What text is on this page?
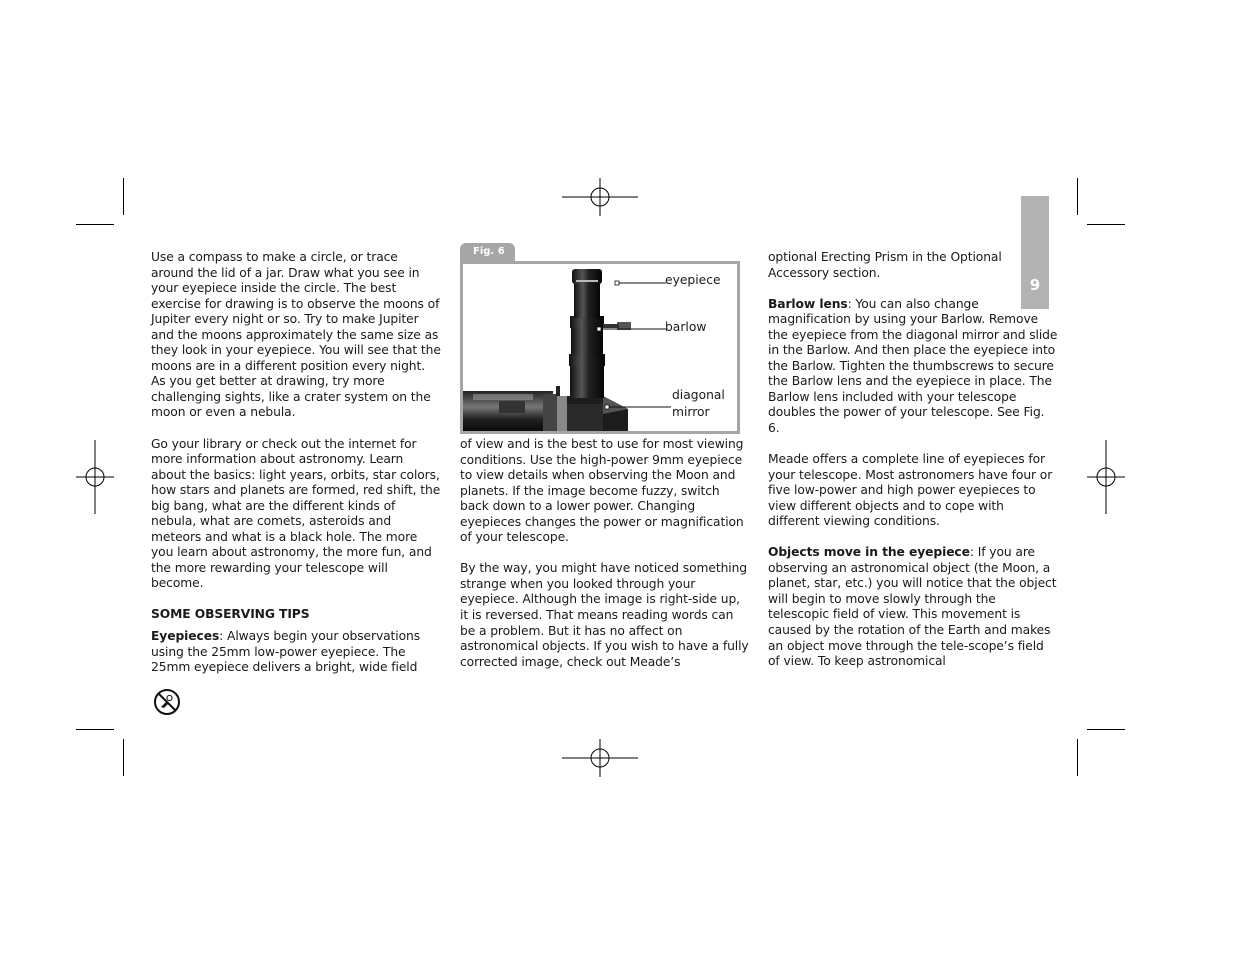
9

Use a compass to make a circle, or trace around the lid of a jar. Draw what you see in your eyepiece inside the circle. The best exercise for drawing is to observe the moons of Jupiter every night or so. Try to make Jupiter and the moons approximately the same size as they look in your eyepiece. You will see that the moons are in a different position every night. As you get better at drawing, try more challenging sights, like a crater system on the moon or even a nebula.

Go your library or check out the internet for more information about astronomy. Learn about the basics: light years, orbits, star colors, how stars and planets are formed, red shift, the big bang, what are the different kinds of nebula, what are comets, asteroids and meteors and what is a black hole. The more you learn about astronomy, the more fun, and the more rewarding your telescope will become.

SOME OBSERVING TIPS

Eyepieces: Always begin your observations using the 25mm low-power eyepiece. The 25mm eyepiece delivers a bright, wide field

Fig. 6
eyepiece
barlow
diagonal
mirror

of view and is the best to use for most viewing conditions. Use the high-power 9mm eyepiece to view details when observing the Moon and planets. If the image become fuzzy, switch back down to a lower power. Changing eyepieces changes the power or magnification of your telescope.

By the way, you might have noticed something strange when you looked through your eyepiece. Although the image is right-side up, it is reversed. That means reading words can be a problem. But it has no affect on astronomical objects. If you wish to have a fully corrected image, check out Meade’s

optional Erecting Prism in the Optional Accessory section.

Barlow lens: You can also change magnification by using your Barlow. Remove the eyepiece from the diagonal mirror and slide in the Barlow. And then place the eyepiece into the Barlow. Tighten the thumbscrews to secure the Barlow lens and the eyepiece in place. The Barlow lens included with your telescope doubles the power of your telescope. See Fig. 6.

Meade offers a complete line of eyepieces for your telescope. Most astronomers have four or five low-power and high power eyepieces to view different objects and to cope with different viewing conditions.

Objects move in the eyepiece: If you are observing an astronomical object (the Moon, a planet, star, etc.) you will notice that the object will begin to move slowly through the telescopic field of view. This movement is caused by the rotation of the Earth and makes an object move through the tele-scope’s field of view. To keep astronomical
